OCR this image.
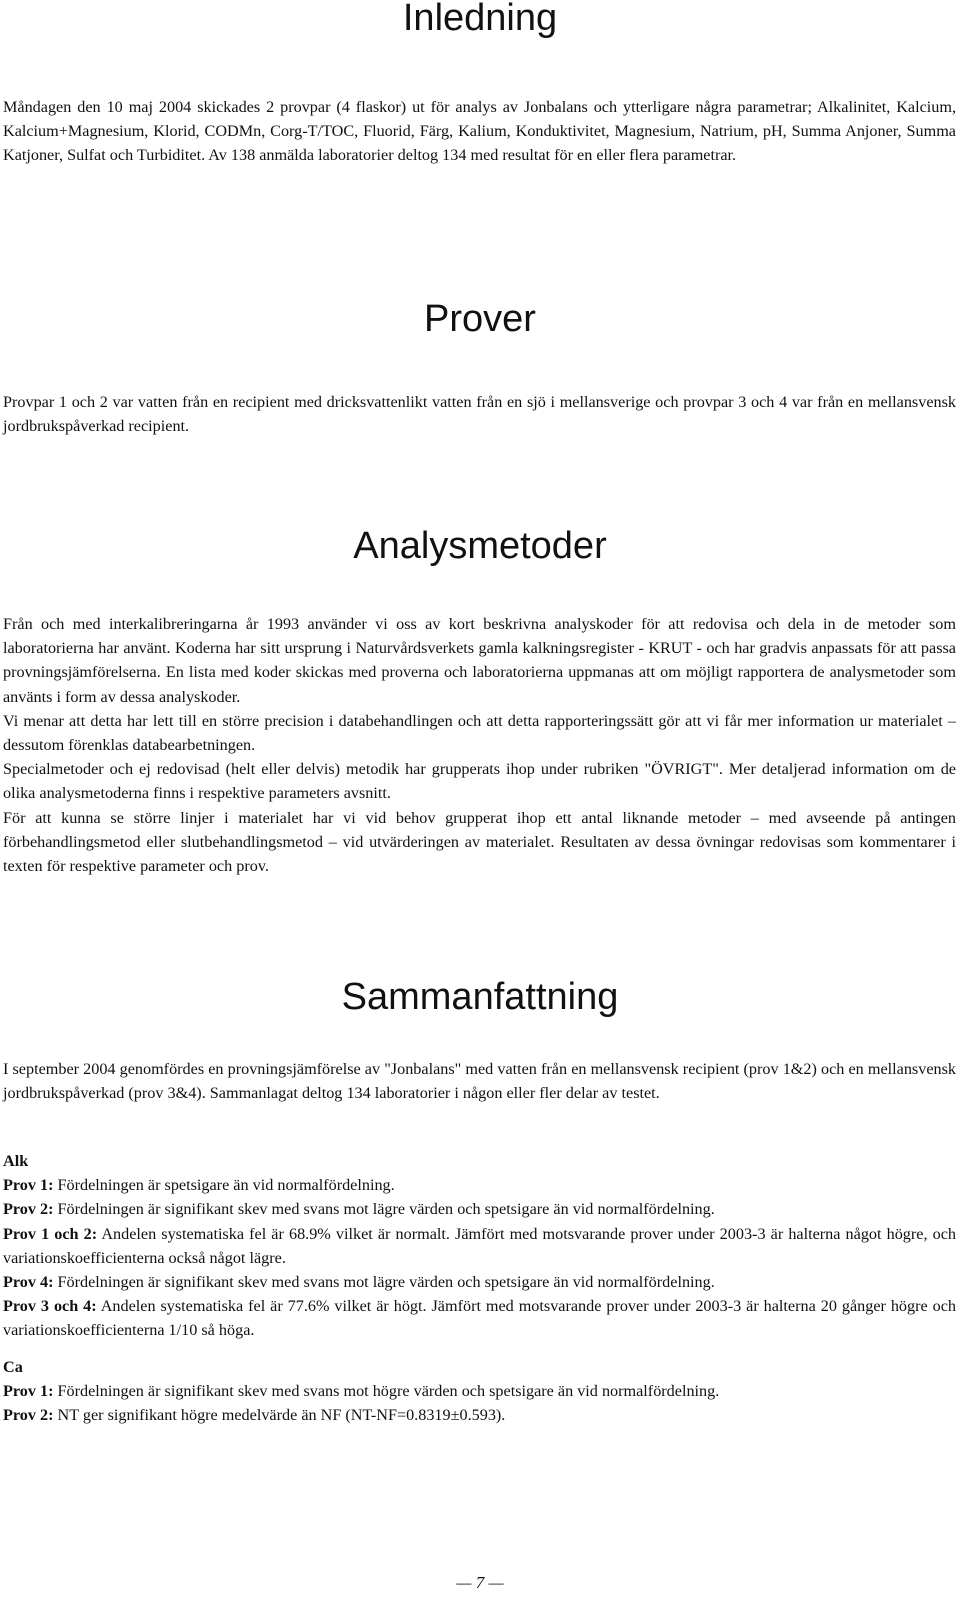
Inledning

Måndagen den 10 maj 2004 skickades 2 provpar (4 flaskor) ut för analys av Jonbalans och ytterligare några parametrar; Alkalinitet, Kalcium, Kalcium+Magnesium, Klorid, CODMn, Corg-T/TOC, Fluorid, Färg, Kalium, Konduktivitet, Magnesium, Natrium, pH, Summa Anjoner, Summa Katjoner, Sulfat och Turbiditet. Av 138 anmälda laboratorier deltog 134 med resultat för en eller flera parametrar.

Prover

Provpar 1 och 2 var vatten från en recipient med dricksvattenlikt vatten från en sjö i mellansverige och provpar 3 och 4 var från en mellansvensk jordbrukspåverkad recipient.

Analysmetoder

Från och med interkalibreringarna år 1993 använder vi oss av kort beskrivna analyskoder för att redovisa och dela in de metoder som laboratorierna har använt. Koderna har sitt ursprung i Naturvårdsverkets gamla kalkningsregister - KRUT - och har gradvis anpassats för att passa provningsjämförelserna. En lista med koder skickas med proverna och laboratorierna uppmanas att om möjligt rapportera de analysmetoder som använts i form av dessa analyskoder.

Vi menar att detta har lett till en större precision i databehandlingen och att detta rapporteringssätt gör att vi får mer information ur materialet – dessutom förenklas databearbetningen.

Specialmetoder och ej redovisad (helt eller delvis) metodik har grupperats ihop under rubriken "ÖVRIGT". Mer detaljerad information om de olika analysmetoderna finns i respektive parameters avsnitt.

För att kunna se större linjer i materialet har vi vid behov grupperat ihop ett antal liknande metoder – med avseende på antingen förbehandlingsmetod eller slutbehandlingsmetod – vid utvärderingen av materialet. Resultaten av dessa övningar redovisas som kommentarer i texten för respektive parameter och prov.

Sammanfattning

I september 2004 genomfördes en provningsjämförelse av "Jonbalans" med vatten från en mellansvensk recipient (prov 1&2) och en mellansvensk jordbrukspåverkad (prov 3&4). Sammanlagat deltog 134 laboratorier i någon eller fler delar av testet.

Alk
Prov 1: Fördelningen är spetsigare än vid normalfördelning.
Prov 2: Fördelningen är signifikant skev med svans mot lägre värden och spetsigare än vid normalfördelning.
Prov 1 och 2: Andelen systematiska fel är 68.9% vilket är normalt. Jämfört med motsvarande prover under 2003-3 är halterna något högre, och variationskoefficienterna också något lägre.
Prov 4: Fördelningen är signifikant skev med svans mot lägre värden och spetsigare än vid normalfördelning.
Prov 3 och 4: Andelen systematiska fel är 77.6% vilket är högt. Jämfört med motsvarande prover under 2003-3 är halterna 20 gånger högre och variationskoefficienterna 1/10 så höga.
Ca
Prov 1: Fördelningen är signifikant skev med svans mot högre värden och spetsigare än vid normalfördelning.
Prov 2: NT ger signifikant högre medelvärde än NF (NT-NF=0.8319±0.593).
— 7 —
